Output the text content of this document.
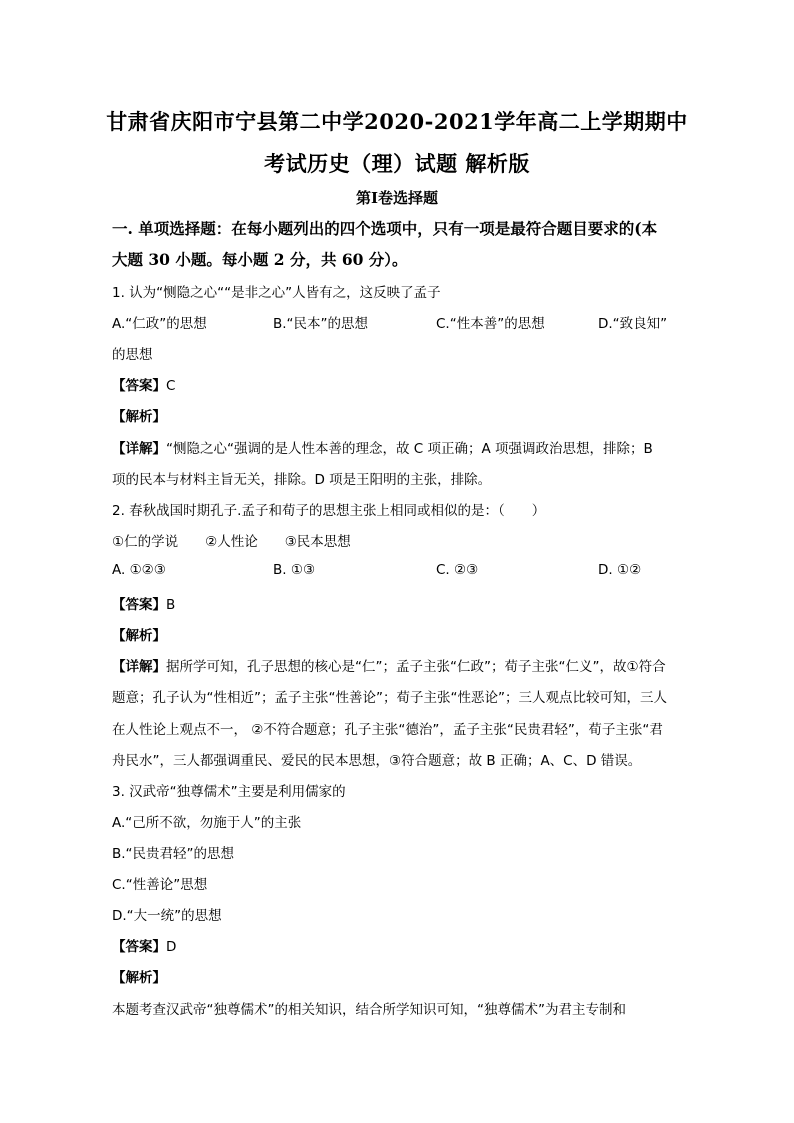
甘肃省庆阳市宁县第二中学2020-2021学年高二上学期期中
考试历史（理）试题 解析版
第Ⅰ卷选择题
一. 单项选择题：在每小题列出的四个选项中，只有一项是最符合题目要求的(本
大题 30 小题。每小题 2 分，共 60 分）。
1. 认为“恻隐之心““是非之心”人皆有之，这反映了孟子
A.“仁政”的思想	B.“民本”的思想	C.“性本善”的思想	D.“致良知”
的思想
【答案】C
【解析】
【详解】“恻隐之心“强调的是人性本善的理念，故 C 项正确；A 项强调政治思想，排除；B
项的民本与材料主旨无关，排除。D 项是王阳明的主张，排除。
2. 春秋战国时期孔子.孟子和荀子的思想主张上相同或相似的是：（　　）
①仁的学说　　②人性论　　③民本思想
A. ①②③	B. ①③	C. ②③	D. ①②
【答案】B
【解析】
【详解】据所学可知，孔子思想的核心是“仁”；孟子主张“仁政”；荀子主张“仁义”，故①符合
题意；孔子认为“性相近”；孟子主张“性善论”；荀子主张“性恶论”；三人观点比较可知，三人
在人性论上观点不一， ②不符合题意；孔子主张“德治”，孟子主张“民贵君轻”，荀子主张“君
舟民水”，三人都强调重民、爱民的民本思想，③符合题意；故 B 正确；A、C、D 错误。
3. 汉武帝“独尊儒术”主要是利用儒家的
A.“己所不欲，勿施于人”的主张
B.“民贵君轻”的思想
C.“性善论”思想
D.“大一统”的思想
【答案】D
【解析】
本题考查汉武帝“独尊儒术”的相关知识，结合所学知识可知，“独尊儒术”为君主专制和
